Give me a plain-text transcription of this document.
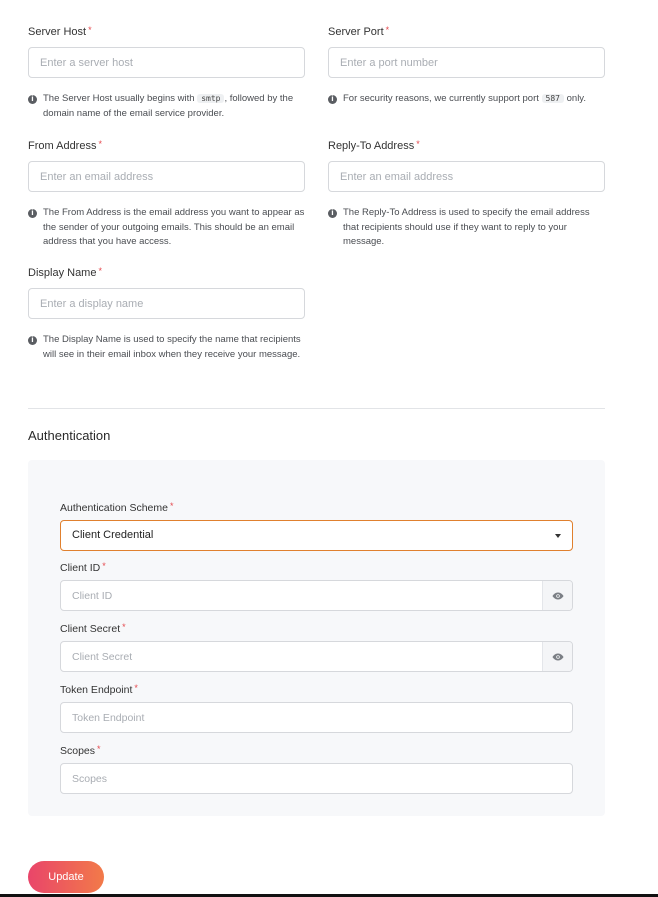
Server Host *
Enter a server host
i The Server Host usually begins with smtp , followed by the domain name of the email service provider.
Server Port *
Enter a port number
i For security reasons, we currently support port 587 only.
From Address *
Enter an email address
i The From Address is the email address you want to appear as the sender of your outgoing emails. This should be an email address that you have access.
Reply-To Address *
Enter an email address
i The Reply-To Address is used to specify the email address that recipients should use if they want to reply to your message.
Display Name *
Enter a display name
i The Display Name is used to specify the name that recipients will see in their email inbox when they receive your message.
Authentication
Authentication Scheme *
Client Credential
Client ID *
Client Secret *
Token Endpoint *
Token Endpoint
Scopes *
Scopes
Update
